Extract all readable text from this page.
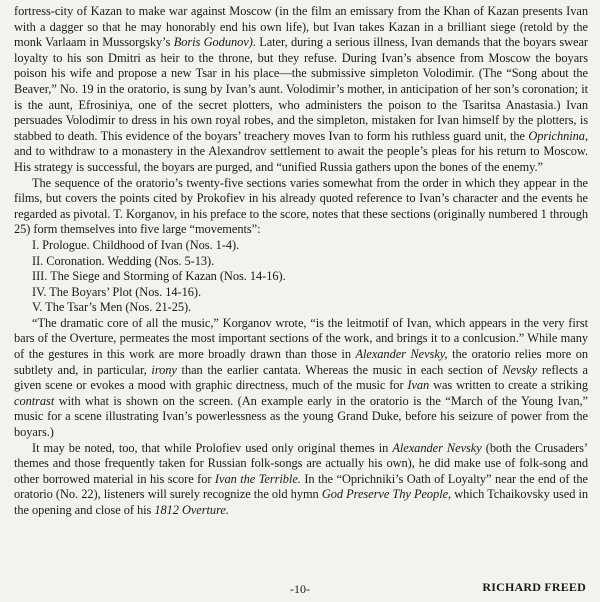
fortress-city of Kazan to make war against Moscow (in the film an emissary from the Khan of Kazan presents Ivan with a dagger so that he may honorably end his own life), but Ivan takes Kazan in a brilliant siege (retold by the monk Varlaam in Mussorgsky’s Boris Godunov). Later, during a serious illness, Ivan demands that the boyars swear loyalty to his son Dmitri as heir to the throne, but they refuse. During Ivan’s absence from Moscow the boyars poison his wife and propose a new Tsar in his place—the submissive simpleton Volodimir. (The “Song about the Beaver,” No. 19 in the oratorio, is sung by Ivan’s aunt. Volodimir’s mother, in anticipation of her son’s coronation; it is the aunt, Efrosiniya, one of the secret plotters, who administers the poison to the Tsaritsa Anastasia.) Ivan persuades Volodimir to dress in his own royal robes, and the simpleton, mistaken for Ivan himself by the plotters, is stabbed to death. This evidence of the boyars’ treachery moves Ivan to form his ruthless guard unit, the Oprichnina, and to withdraw to a monastery in the Alexandrov settlement to await the people’s pleas for his return to Moscow. His strategy is successful, the boyars are purged, and “unified Russia gathers upon the bones of the enemy.”

The sequence of the oratorio’s twenty-five sections varies somewhat from the order in which they appear in the films, but covers the points cited by Prokofiev in his already quoted reference to Ivan’s character and the events he regarded as pivotal. T. Korganov, in his preface to the score, notes that these sections (originally numbered 1 through 25) form themselves into five large “movements”:

I. Prologue. Childhood of Ivan (Nos. 1-4).
II. Coronation. Wedding (Nos. 5-13).
III. The Siege and Storming of Kazan (Nos. 14-16).
IV. The Boyars’ Plot (Nos. 14-16).
V. The Tsar’s Men (Nos. 21-25).

“The dramatic core of all the music,” Korganov wrote, “is the leitmotif of Ivan, which appears in the very first bars of the Overture, permeates the most important sections of the work, and brings it to a conlcusion.” While many of the gestures in this work are more broadly drawn than those in Alexander Nevsky, the oratorio relies more on subtlety and, in particular, irony than the earlier cantata. Whereas the music in each section of Nevsky reflects a given scene or evokes a mood with graphic directness, much of the music for Ivan was written to create a striking contrast with what is shown on the screen. (An example early in the oratorio is the “March of the Young Ivan,” music for a scene illustrating Ivan’s powerlessness as the young Grand Duke, before his seizure of power from the boyars.)

It may be noted, too, that while Prolofiev used only original themes in Alexander Nevsky (both the Crusaders’ themes and those frequently taken for Russian folk-songs are actually his own), he did make use of folk-song and other borrowed material in his score for Ivan the Terrible. In the “Oprichniki’s Oath of Loyalty” near the end of the oratorio (No. 22), listeners will surely recognize the old hymn God Preserve Thy People, which Tchaikovsky used in the opening and close of his 1812 Overture.

-10-	RICHARD FREED
